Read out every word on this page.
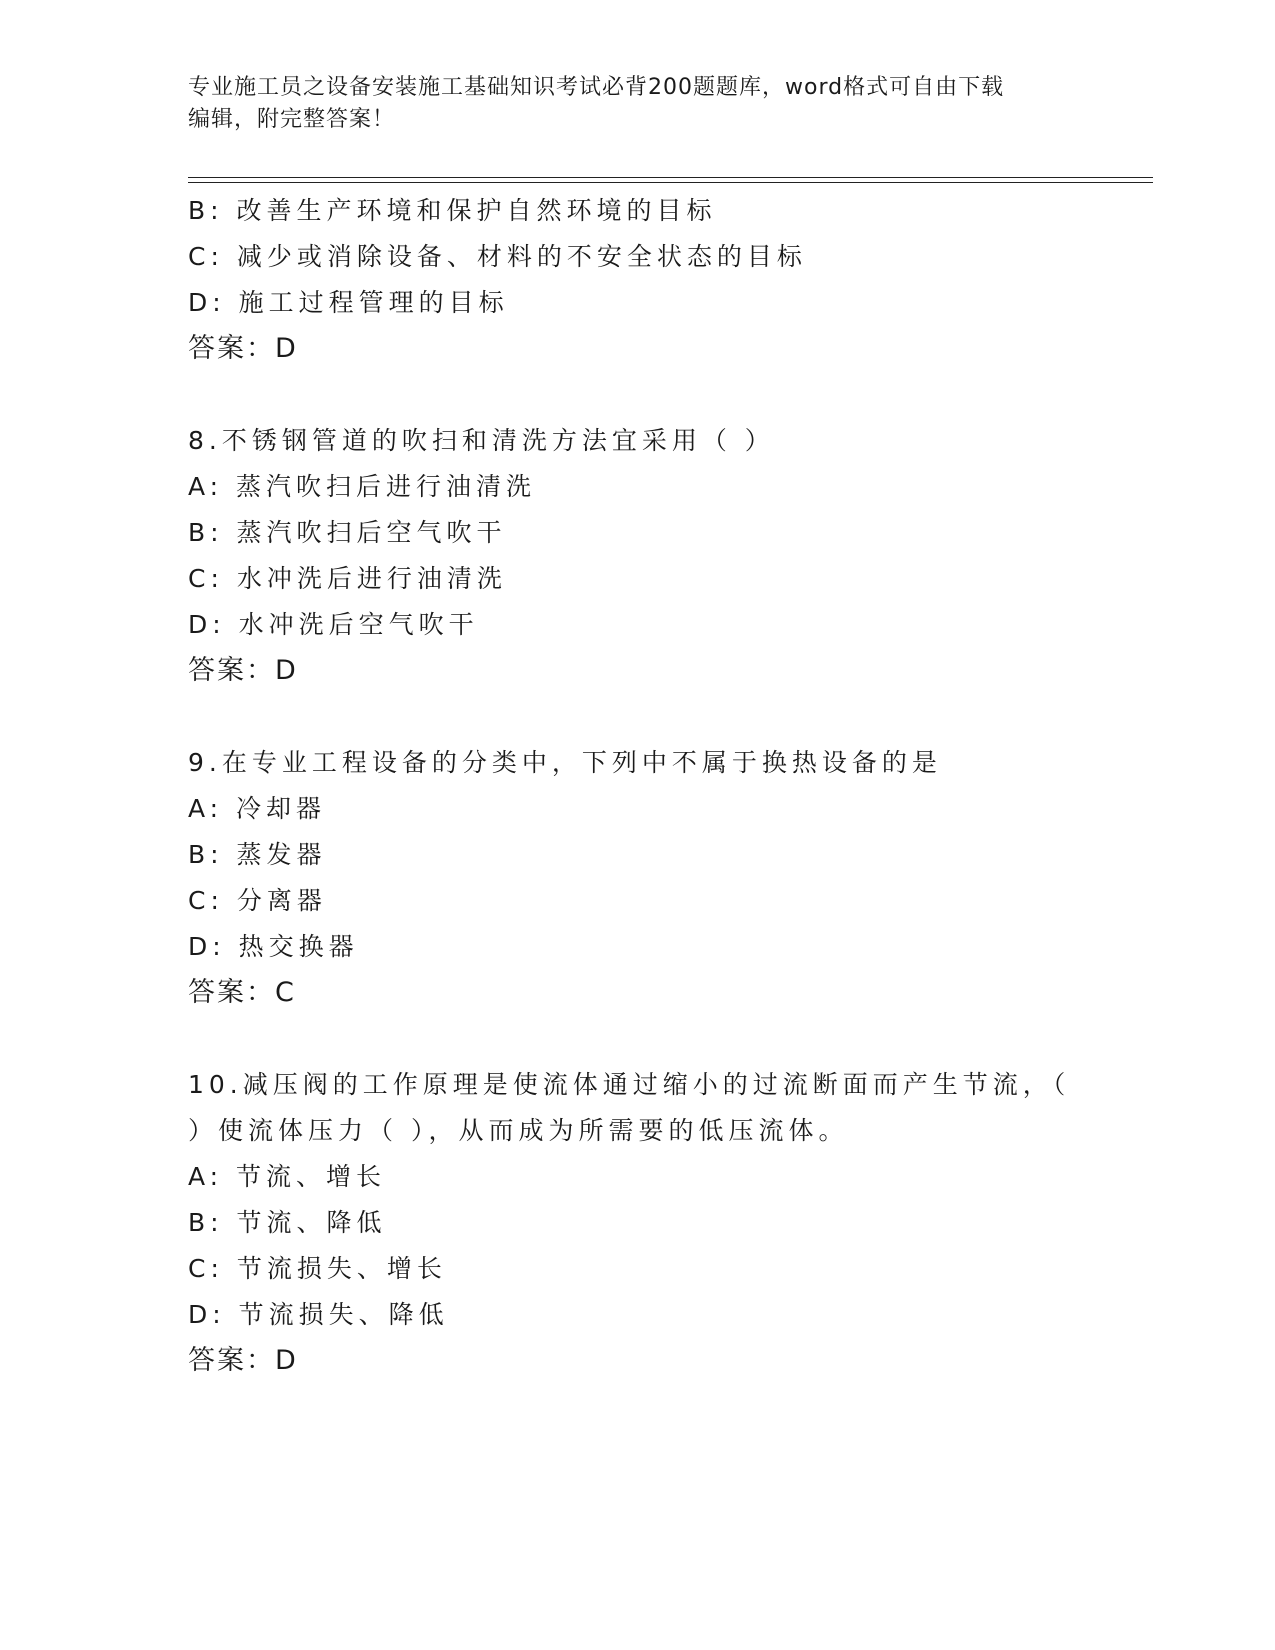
专业施工员之设备安装施工基础知识考试必背200题题库，word格式可自由下载
编辑，附完整答案！
B: 改善生产环境和保护自然环境的目标
C: 减少或消除设备、材料的不安全状态的目标
D: 施工过程管理的目标
答案：D
8.不锈钢管道的吹扫和清洗方法宜采用（ ）
A: 蒸汽吹扫后进行油清洗
B: 蒸汽吹扫后空气吹干
C: 水冲洗后进行油清洗
D: 水冲洗后空气吹干
答案：D
9.在专业工程设备的分类中，下列中不属于换热设备的是
A: 冷却器
B: 蒸发器
C: 分离器
D: 热交换器
答案：C
10.减压阀的工作原理是使流体通过缩小的过流断面而产生节流，（
）使流体压力（ ），从而成为所需要的低压流体。
A: 节流、增长
B: 节流、降低
C: 节流损失、增长
D: 节流损失、降低
答案：D
